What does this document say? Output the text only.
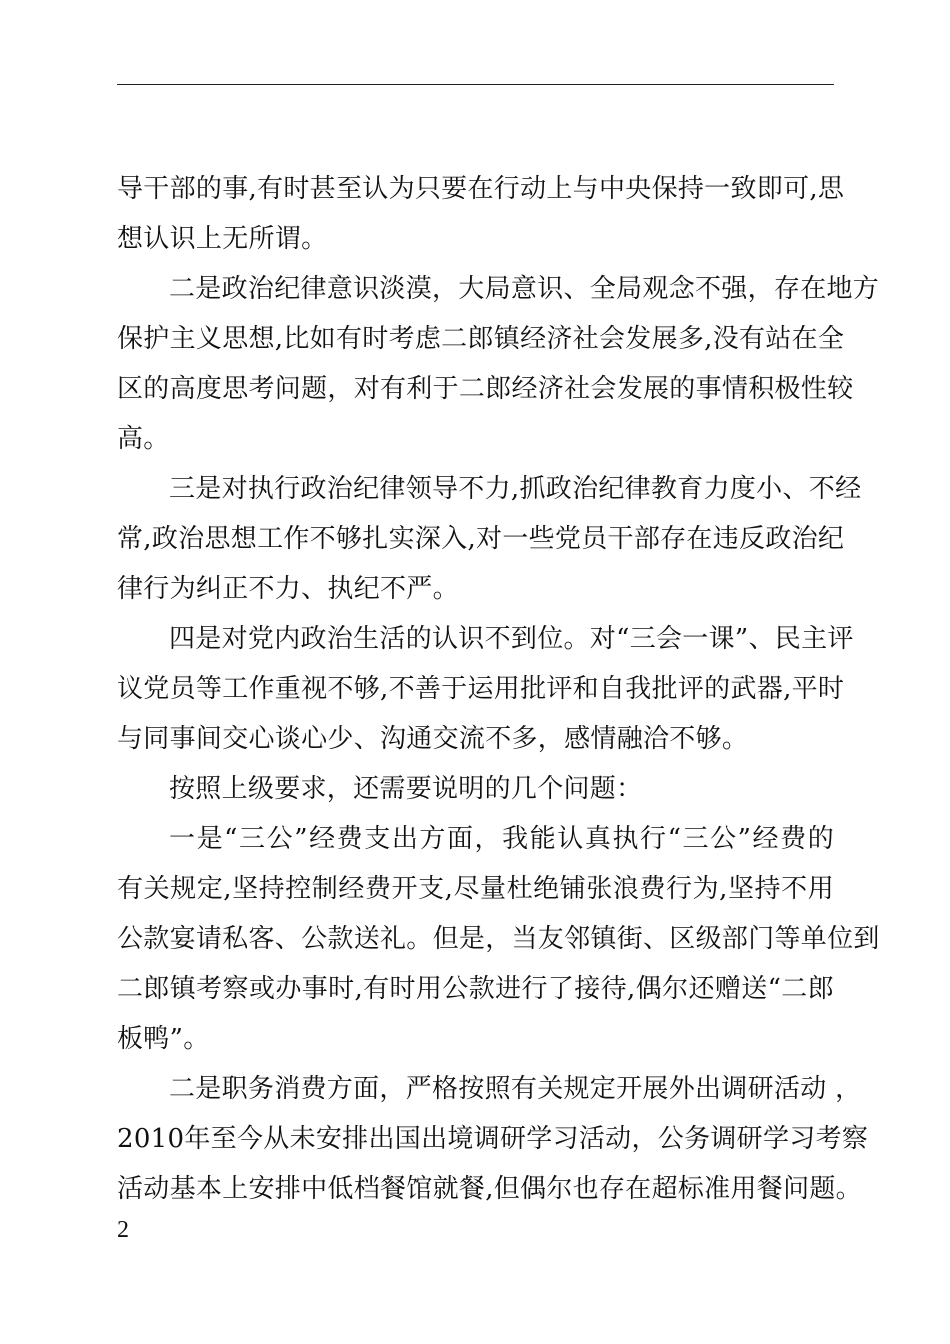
导干部的事,有时甚至认为只要在行动上与中央保持一致即可,思
想认识上无所谓。
二是政治纪律意识淡漠，大局意识、全局观念不强，存在地方
保护主义思想,比如有时考虑二郎镇经济社会发展多,没有站在全
区的高度思考问题，对有利于二郎经济社会发展的事情积极性较
高。
三是对执行政治纪律领导不力,抓政治纪律教育力度小、不经
常,政治思想工作不够扎实深入,对一些党员干部存在违反政治纪
律行为纠正不力、执纪不严。
四是对党内政治生活的认识不到位。对“三会一课”、民主评
议党员等工作重视不够,不善于运用批评和自我批评的武器,平时
与同事间交心谈心少、沟通交流不多，感情融洽不够。
按照上级要求，还需要说明的几个问题：
一是“三公”经费支出方面，我能认真执行“三公”经费的
有关规定,坚持控制经费开支,尽量杜绝铺张浪费行为,坚持不用
公款宴请私客、公款送礼。但是，当友邻镇街、区级部门等单位到
二郎镇考察或办事时,有时用公款进行了接待,偶尔还赠送“二郎
板鸭”。
二是职务消费方面，严格按照有关规定开展外出调研活动 ，
2010年至今从未安排出国出境调研学习活动，公务调研学习考察
活动基本上安排中低档餐馆就餐,但偶尔也存在超标准用餐问题。
2
